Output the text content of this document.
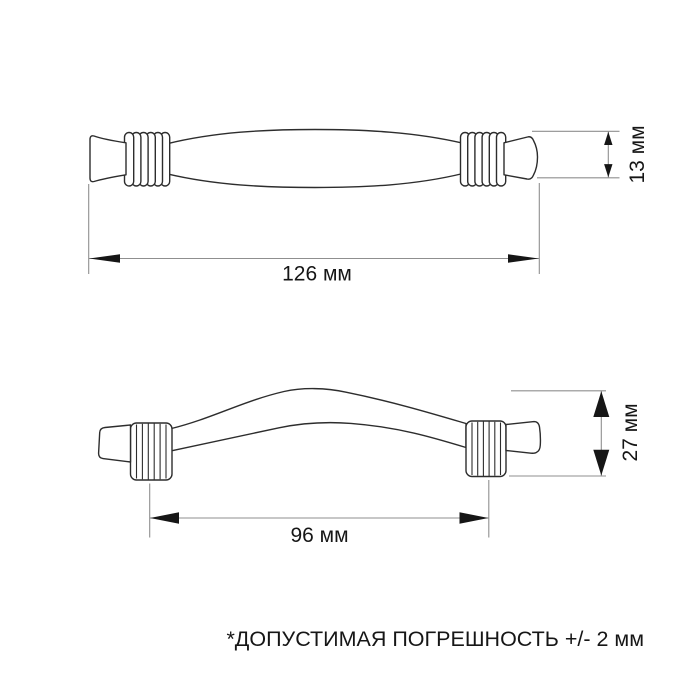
126 мм
13 мм
96 мм
27 мм
*ДОПУСТИМАЯ ПОГРЕШНОСТЬ +/- 2 мм
